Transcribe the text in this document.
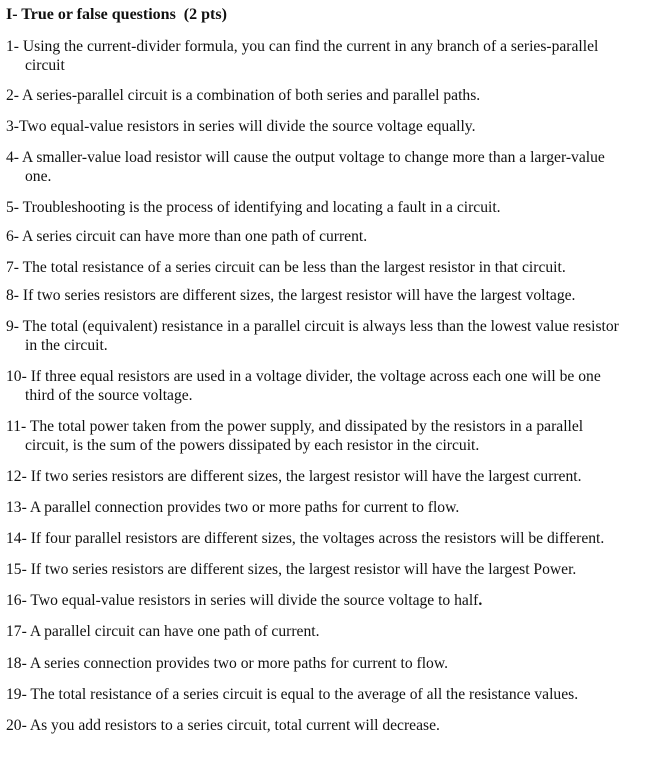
I- True or false questions (2 pts)
1- Using the current-divider formula, you can find the current in any branch of a series-parallel
circuit
2- A series-parallel circuit is a combination of both series and parallel paths.
3-Two equal-value resistors in series will divide the source voltage equally.
4- A smaller-value load resistor will cause the output voltage to change more than a larger-value
one.
5- Troubleshooting is the process of identifying and locating a fault in a circuit.
6- A series circuit can have more than one path of current.
7- The total resistance of a series circuit can be less than the largest resistor in that circuit.
8- If two series resistors are different sizes, the largest resistor will have the largest voltage.
9- The total (equivalent) resistance in a parallel circuit is always less than the lowest value resistor
in the circuit.
10- If three equal resistors are used in a voltage divider, the voltage across each one will be one
third of the source voltage.
11- The total power taken from the power supply, and dissipated by the resistors in a parallel
circuit, is the sum of the powers dissipated by each resistor in the circuit.
12- If two series resistors are different sizes, the largest resistor will have the largest current.
13- A parallel connection provides two or more paths for current to flow.
14- If four parallel resistors are different sizes, the voltages across the resistors will be different.
15- If two series resistors are different sizes, the largest resistor will have the largest Power.
16- Two equal-value resistors in series will divide the source voltage to half.
17- A parallel circuit can have one path of current.
18- A series connection provides two or more paths for current to flow.
19- The total resistance of a series circuit is equal to the average of all the resistance values.
20- As you add resistors to a series circuit, total current will decrease.
